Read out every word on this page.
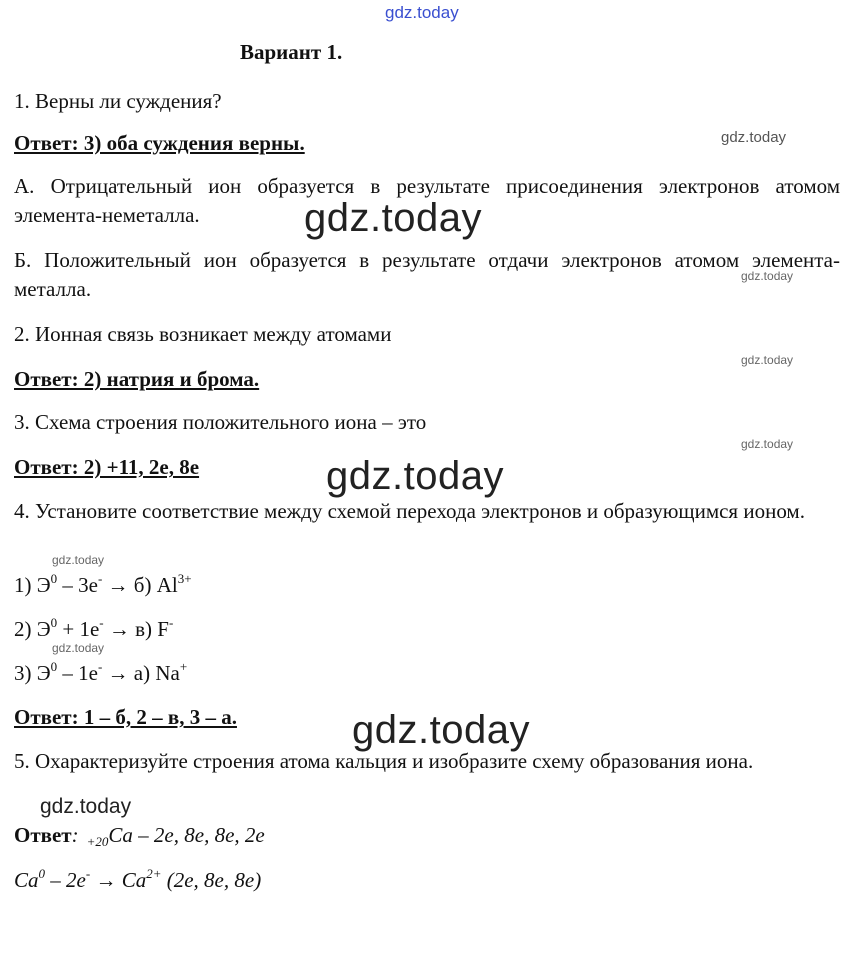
gdz.today
Вариант 1.
1. Верны ли суждения?
Ответ: 3) оба суждения верны.	gdz.today
А. Отрицательный ион образуется в результате присоединения электронов атомом элемента-неметалла.	gdz.today
Б. Положительный ион образуется в результате отдачи электронов атомом элемента-металла.
gdz.today
2. Ионная связь возникает между атомами
gdz.today
Ответ: 2) натрия и брома.
3. Схема строения положительного иона – это
gdz.today
Ответ: 2) +11, 2e, 8e	gdz.today
4. Установите соответствие между схемой перехода электронов и образующимся ионом.
gdz.today
1) $Э^0 - 3e^- \to б$) $Al^{3+}$
2) $Э^0 + 1e^- \to в$) F-
gdz.today
3) $Э^0 - 1e^- \to а$) Na+
Ответ: 1 – б, 2 – в, 3 – а.	gdz.today
5. Охарактеризуйте строения атома кальция и изобразите схему образования иона.
gdz.today
Ответ: +20Ca – 2e, 8e, 8e, 2e
$Ca^0 - 2e^- \to Ca^{2+}$ (2e, 8e, 8e)
